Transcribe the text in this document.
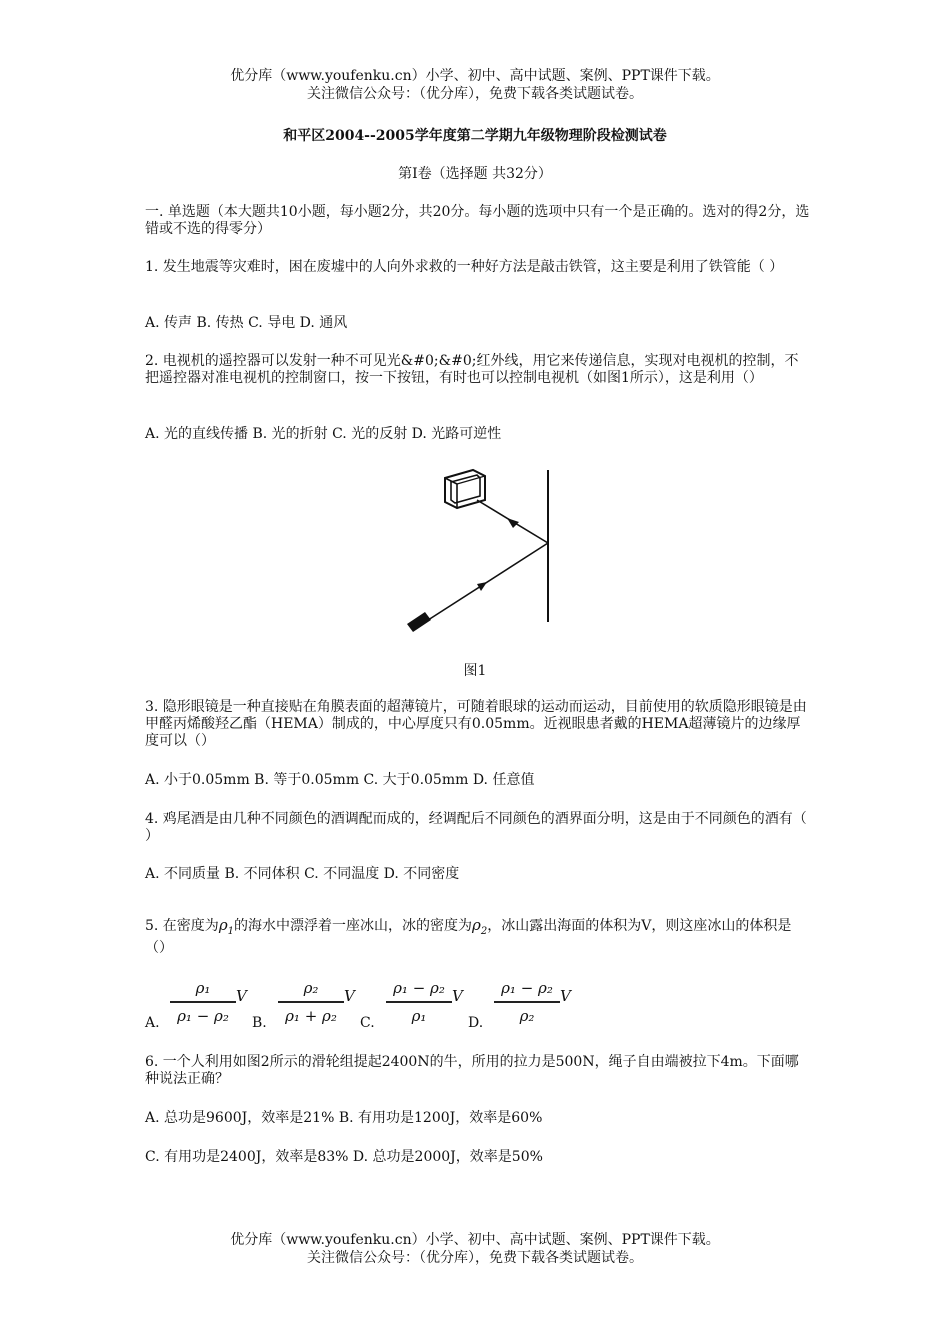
优分库（www.youfenku.cn）小学、初中、高中试题、案例、PPT课件下载。
关注微信公众号：（优分库），免费下载各类试题试卷。
和平区2004--2005学年度第二学期九年级物理阶段检测试卷
第Ⅰ卷（选择题 共32分）
一. 单选题（本大题共10小题，每小题2分，共20分。每小题的选项中只有一个是正确的。选对的得2分，选错或不选的得零分）
1. 发生地震等灾难时，困在废墟中的人向外求救的一种好方法是敲击铁管，这主要是利用了铁管能（ ）
A. 传声 B. 传热 C. 导电 D. 通风
2. 电视机的遥控器可以发射一种不可见光&#0;&#0;红外线，用它来传递信息，实现对电视机的控制，不把遥控器对准电视机的控制窗口，按一下按钮，有时也可以控制电视机（如图1所示），这是利用（）
A. 光的直线传播 B. 光的折射 C. 光的反射 D. 光路可逆性
图1
3. 隐形眼镜是一种直接贴在角膜表面的超薄镜片，可随着眼球的运动而运动，目前使用的软质隐形眼镜是由甲醛丙烯酸羟乙酯（HEMA）制成的，中心厚度只有0.05mm。近视眼患者戴的HEMA超薄镜片的边缘厚度可以（）
A. 小于0.05mm B. 等于0.05mm C. 大于0.05mm D. 任意值
4. 鸡尾酒是由几种不同颜色的酒调配而成的，经调配后不同颜色的酒界面分明，这是由于不同颜色的酒有（ ）
A. 不同质量 B. 不同体积 C. 不同温度 D. 不同密度
5. 在密度为$\rho_1$的海水中漂浮着一座冰山，冰的密度为$\rho_2$，冰山露出海面的体积为V，则这座冰山的体积是（）
A.
ρ₁
ρ₁ − ρ₂
V
B.
ρ₂
ρ₁ + ρ₂
V
C.
ρ₁ − ρ₂
ρ₁
V
D.
ρ₁ − ρ₂
ρ₂
V
6. 一个人利用如图2所示的滑轮组提起2400N的牛，所用的拉力是500N，绳子自由端被拉下4m。下面哪种说法正确？
A. 总功是9600J，效率是21% B. 有用功是1200J，效率是60%
C. 有用功是2400J，效率是83% D. 总功是2000J，效率是50%
优分库（www.youfenku.cn）小学、初中、高中试题、案例、PPT课件下载。
关注微信公众号：（优分库），免费下载各类试题试卷。
